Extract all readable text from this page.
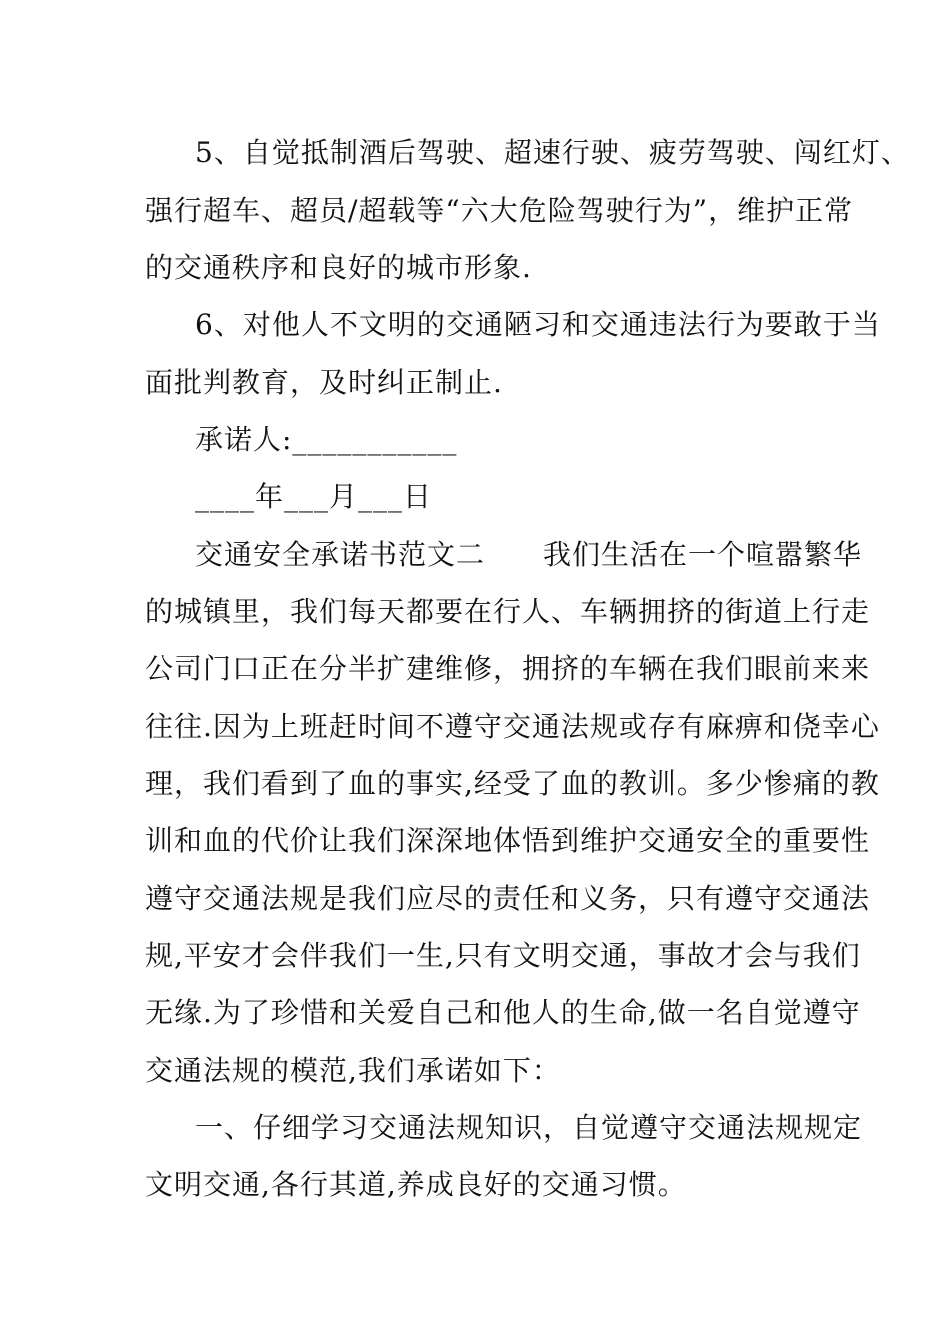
5、自觉抵制酒后驾驶、超速行驶、疲劳驾驶、闯红灯、
强行超车、超员/超载等“六大危险驾驶行为”，维护正常
的交通秩序和良好的城市形象.
6、对他人不文明的交通陋习和交通违法行为要敢于当
面批判教育，及时纠正制止.
承诺人:___________
____年___月___日
交通安全承诺书范文二　　我们生活在一个喧嚣繁华
的城镇里，我们每天都要在行人、车辆拥挤的街道上行走
公司门口正在分半扩建维修，拥挤的车辆在我们眼前来来
往往.因为上班赶时间不遵守交通法规或存有麻痹和侥幸心
理，我们看到了血的事实,经受了血的教训。多少惨痛的教
训和血的代价让我们深深地体悟到维护交通安全的重要性
遵守交通法规是我们应尽的责任和义务，只有遵守交通法
规,平安才会伴我们一生,只有文明交通，事故才会与我们
无缘.为了珍惜和关爱自己和他人的生命,做一名自觉遵守
交通法规的模范,我们承诺如下：
一、仔细学习交通法规知识，自觉遵守交通法规规定
文明交通,各行其道,养成良好的交通习惯。
